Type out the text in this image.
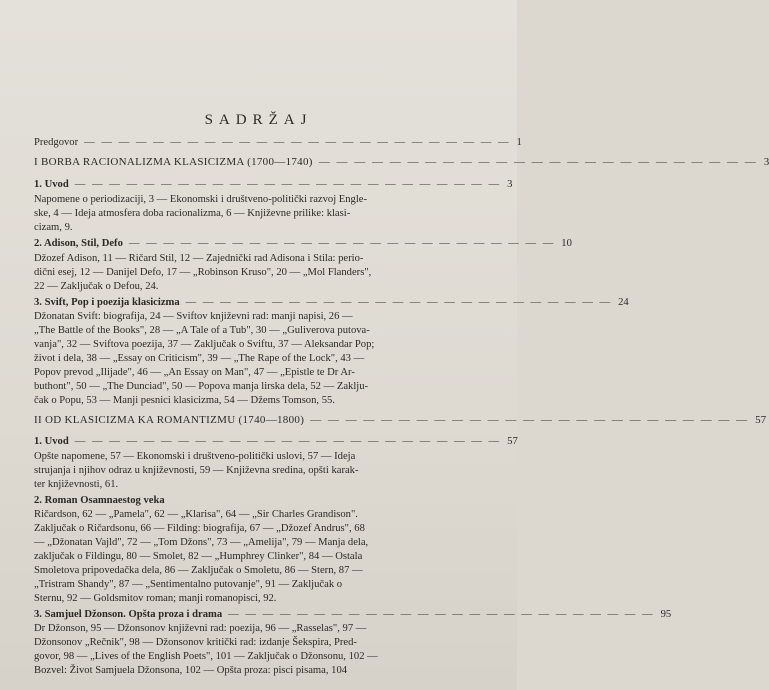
SADRŽAJ
Predgovor — — — — — — — — — — — — — — — — — — — — — — — — — 1
I BORBA RACIONALIZMA KLASICIZMA (1700—1740) — — — — — — — — — — — — — — — — — — — — — — — — — 3
1. Uvod — — — — — — — — — — — — — — — — — — — — — — — — — 3
Napomene o periodizaciji, 3 — Ekonomski i društveno-politički razvoj Engle-
ske, 4 — Ideja atmosfera doba racionalizma, 6 — Književne prilike: klasi-
cizam, 9.
2. Adison, Stil, Defo — — — — — — — — — — — — — — — — — — — — — — — — — 10
Džozef Adison, 11 — Ričard Stil, 12 — Zajednički rad Adisona i Stila: perio-
dični esej, 12 — Danijel Defo, 17 — „Robinson Kruso", 20 — „Mol Flanders",
22 — Zaključak o Defou, 24.
3. Svift, Pop i poezija klasicizma — — — — — — — — — — — — — — — — — — — — — — — — — 24
Džonatan Svift: biografija, 24 — Sviftov književni rad: manji napisi, 26 —
„The Battle of the Books", 28 — „A Tale of a Tub", 30 — „Guliverova putova-
vanja", 32 — Sviftova poezija, 37 — Zaključak o Sviftu, 37 — Aleksandar Pop;
život i dela, 38 — „Essay on Criticism", 39 — „The Rape of the Lock", 43 —
Popov prevod „Ilijade", 46 — „An Essay on Man", 47 — „Epistle te Dr Ar-
buthont", 50 — „The Dunciad", 50 — Popova manja lirska dela, 52 — Zaklju-
čak o Popu, 53 — Manji pesnici klasicizma, 54 — Džems Tomson, 55.
II OD KLASICIZMA KA ROMANTIZMU (1740—1800) — — — — — — — — — — — — — — — — — — — — — — — — — 57
1. Uvod — — — — — — — — — — — — — — — — — — — — — — — — — 57
Opšte napomene, 57 — Ekonomski i društveno-politički uslovi, 57 — Ideja
strujanja i njihov odraz u književnosti, 59 — Književna sredina, opšti karak-
ter književnosti, 61.
2. Roman Osamnaestog veka
Ričardson, 62 — „Pamela", 62 — „Klarisa", 64 — „Sir Charles Grandison".
Zaključak o Ričardsonu, 66 — Filding: biografija, 67 — „Džozef Andrus", 68
— „Džonatan Vajld", 72 — „Tom Džons", 73 — „Amelija", 79 — Manja dela,
zaključak o Fildingu, 80 — Smolet, 82 — „Humphrey Clinker", 84 — Ostala
Smoletova pripovedačka dela, 86 — Zaključak o Smoletu, 86 — Stern, 87 —
„Tristram Shandy", 87 — „Sentimentalno putovanje", 91 — Zaključak o
Sternu, 92 — Goldsmitov roman; manji romanopisci, 92.
3. Samjuel Džonson. Opšta proza i drama — — — — — — — — — — — — — — — — — — — — — — — — — 95
Dr Džonson, 95 — Džonsonov književni rad: poezija, 96 — „Rasselas", 97 —
Džonsonov „Rečnik", 98 — Džonsonov kritički rad: izdanje Šekspira, Pred-
govor, 98 — „Lives of the English Poets", 101 — Zaključak o Džonsonu, 102 —
Bozvel: Život Samjuela Džonsona, 102 — Opšta proza: pisci pisama, 104
